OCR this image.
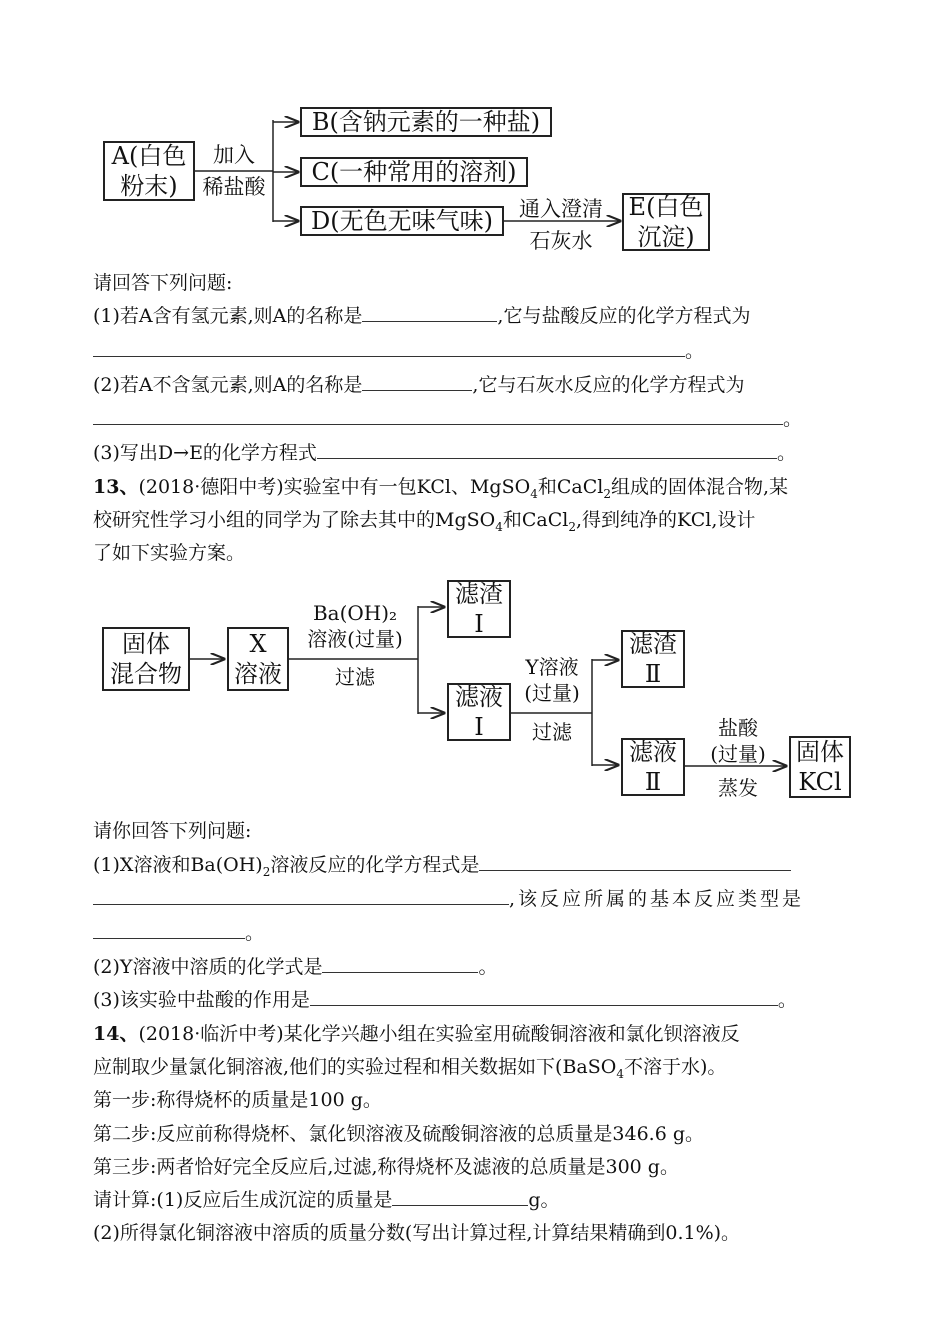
A(白色
粉末)
加入
稀盐酸
B(含钠元素的一种盐)
C(一种常用的溶剂)
D(无色无味气味)	通入澄清
石灰水
E(白色
沉淀)
请回答下列问题:
(1)若A含有氢元素,则A的名称是	,它与盐酸反应的化学方程式为
。
(2)若A不含氢元素,则A的名称是	,它与石灰水反应的化学方程式为
。
(3)写出D→E的化学方程式	。
13、(2018·德阳中考)实验室中有一包KCl、MgSO$_4$和CaCl$_2$组成的固体混合物,某
校研究性学习小组的同学为了除去其中的MgSO$_4$和CaCl$_2$,得到纯净的KCl,设计
了如下实验方案。
固体
混合物
X
溶液
Ba(OH)₂
溶液(过量)
过滤
滤渣
Ⅰ
滤液
Ⅰ
Y溶液
(过量)
过滤
滤渣
Ⅱ
滤液
Ⅱ
盐酸
(过量)
蒸发
固体
KCl
请你回答下列问题:
(1)X溶液和$Ba(OH)_2$溶液反应的化学方程式是
,该反应所属的基本反应类型是
。
(2)Y溶液中溶质的化学式是	。
(3)该实验中盐酸的作用是	。
14、(2018·临沂中考)某化学兴趣小组在实验室用硫酸铜溶液和氯化钡溶液反
应制取少量氯化铜溶液,他们的实验过程和相关数据如下(BaSO$_4$不溶于水)。
第一步:称得烧杯的质量是100 g。
第二步:反应前称得烧杯、氯化钡溶液及硫酸铜溶液的总质量是346.6 g。
第三步:两者恰好完全反应后,过滤,称得烧杯及滤液的总质量是300 g。
请计算:(1)反应后生成沉淀的质量是	g。
(2)所得氯化铜溶液中溶质的质量分数(写出计算过程,计算结果精确到0.1%)。
